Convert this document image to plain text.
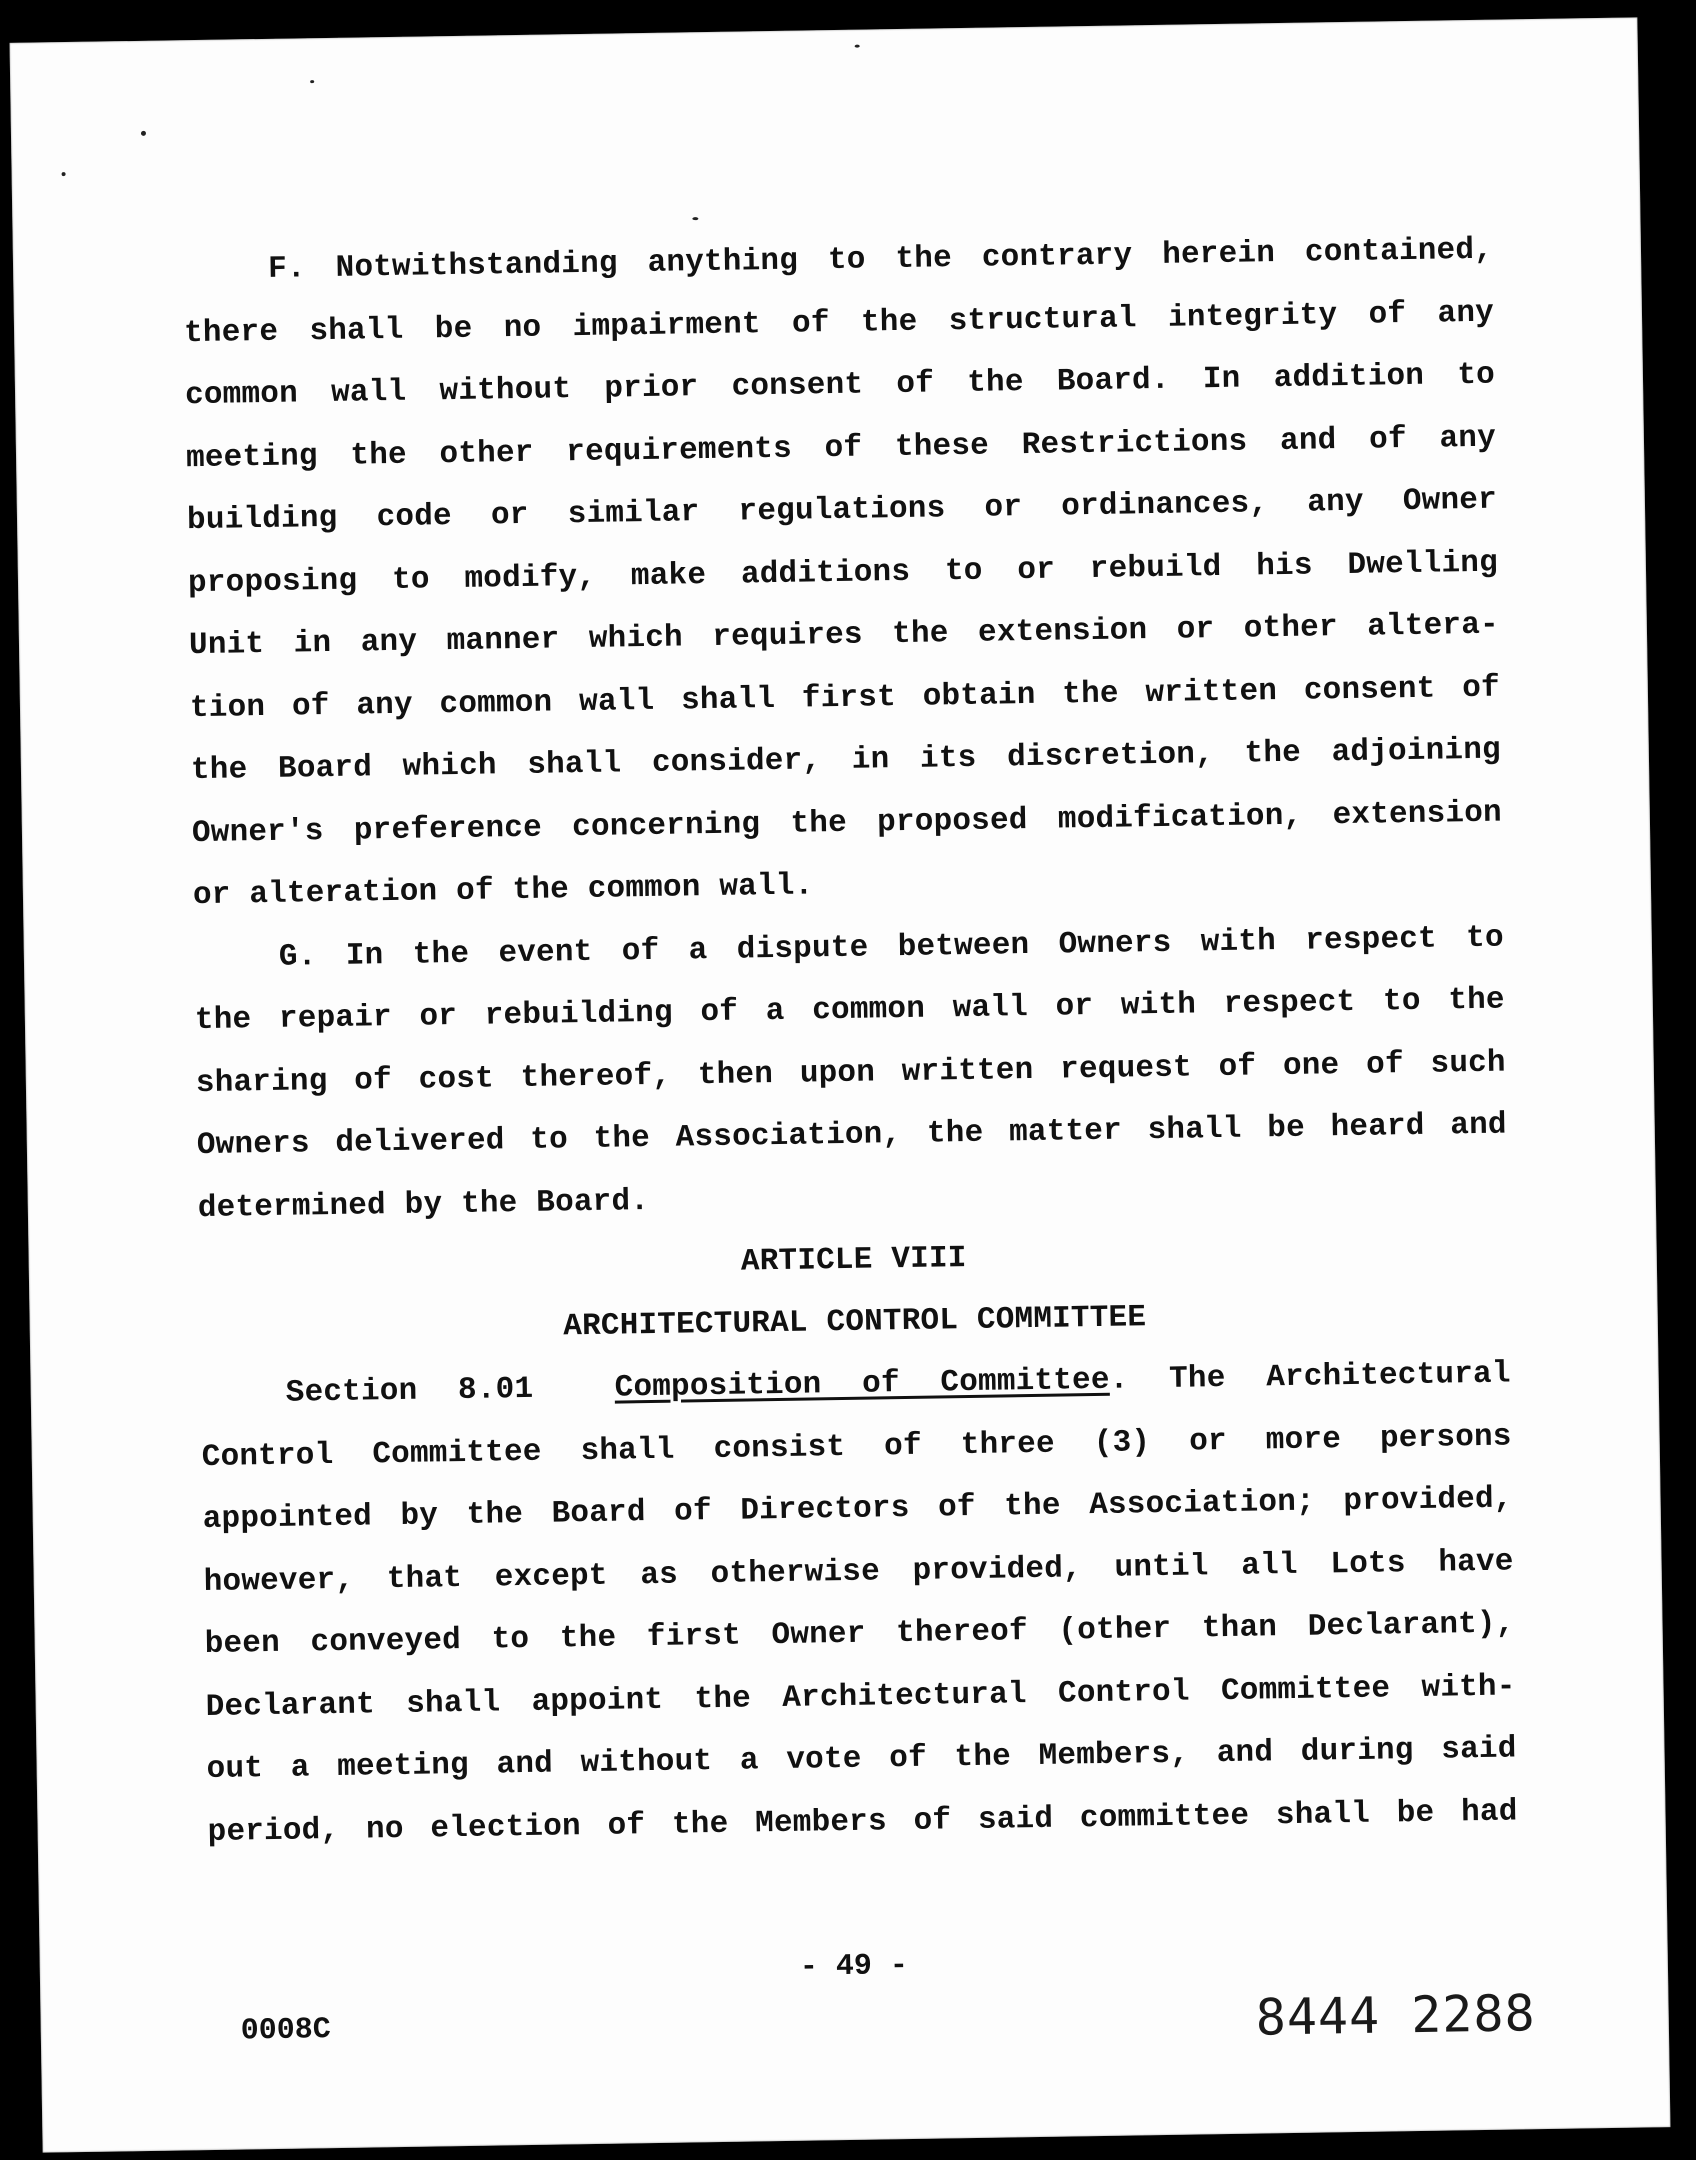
F. Notwithstanding anything to the contrary herein contained,
there shall be no impairment of the structural integrity of any
common wall without prior consent of the Board. In addition to
meeting the other requirements of these Restrictions and of any
building code or similar regulations or ordinances, any Owner
proposing to modify, make additions to or rebuild his Dwelling
Unit in any manner which requires the extension or other altera-
tion of any common wall shall first obtain the written consent of
the Board which shall consider, in its discretion, the adjoining
Owner's preference concerning the proposed modification, extension
or alteration of the common wall.
G. In the event of a dispute between Owners with respect to
the repair or rebuilding of a common wall or with respect to the
sharing of cost thereof, then upon written request of one of such
Owners delivered to the Association, the matter shall be heard and
determined by the Board.

ARTICLE VIII

ARCHITECTURAL CONTROL COMMITTEE

Section 8.01	Composition of Committee. The Architectural
Control Committee shall consist of three (3) or more persons
appointed by the Board of Directors of the Association; provided,
however, that except as otherwise provided, until all Lots have
been conveyed to the first Owner thereof (other than Declarant),
Declarant shall appoint the Architectural Control Committee with-
out a meeting and without a vote of the Members, and during said
period, no election of the Members of said committee shall be had
- 49 -
0008C	8444 2288
